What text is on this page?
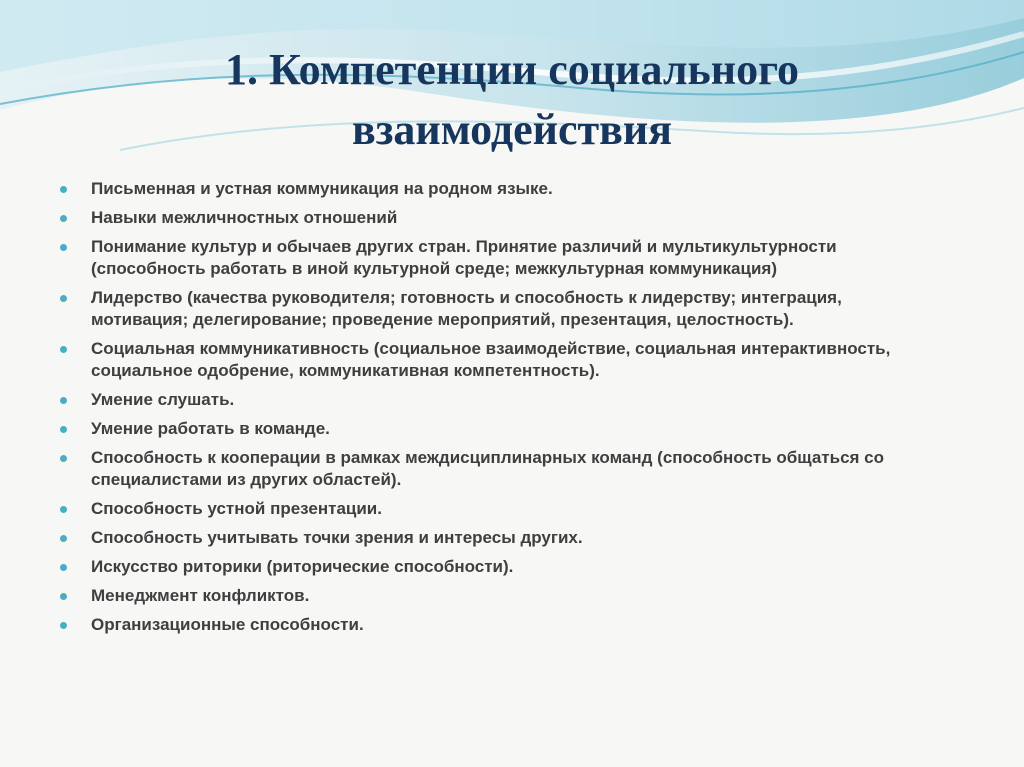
1. Компетенции социального
взаимодействия
Письменная и устная коммуникация на родном языке.
Навыки межличностных отношений
Понимание культур и обычаев других стран. Принятие различий и мультикультурности (способность работать в иной культурной среде; межкультурная коммуникация)
Лидерство (качества руководителя; готовность и способность к лидерству; интеграция, мотивация; делегирование; проведение мероприятий, презентация, целостность).
Социальная коммуникативность (социальное взаимодействие, социальная интерактивность, социальное одобрение, коммуникативная компетентность).
Умение слушать.
Умение работать в команде.
Способность к кооперации в рамках междисциплинарных команд (способность общаться со специалистами из других областей).
Способность устной презентации.
Способность учитывать точки зрения и интересы других.
Искусство риторики (риторические способности).
Менеджмент конфликтов.
Организационные способности.
